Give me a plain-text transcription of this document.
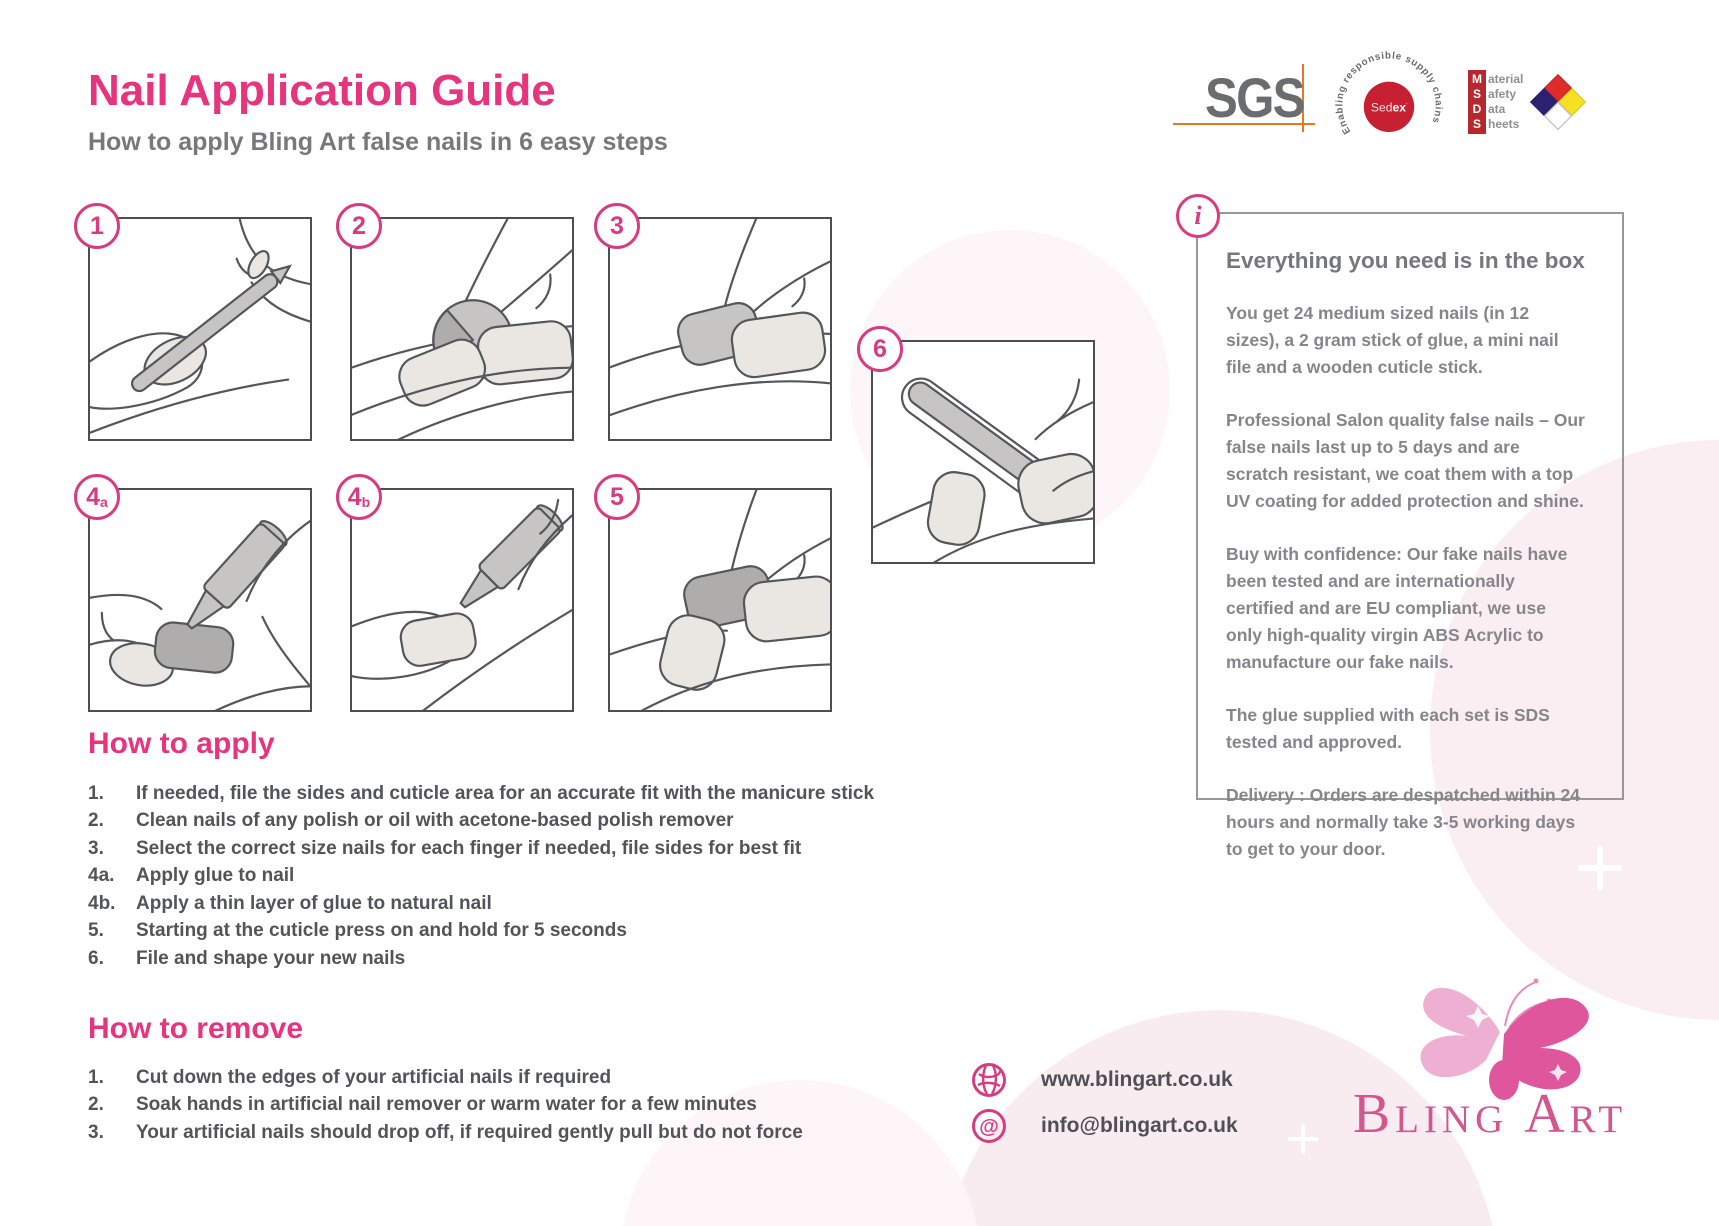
Nail Application Guide
How to apply Bling Art false nails in 6 easy steps
SGS
Enabling responsible supply chains
Sedex'
M
S
D
S
aterial
afety
ata
heets
1	2	3
6
4 a	4 b	5
i
Everything you need is in the box

You get 24 medium sized nails (in 12 sizes), a 2 gram stick of glue, a mini nail file and a wooden cuticle stick.

Professional Salon quality false nails – Our false nails last up to 5 days and are scratch resistant, we coat them with a top UV coating for added protection and shine.

Buy with confidence: Our fake nails have been tested and are internationally certified and are EU compliant, we use only high-quality virgin ABS Acrylic to manufacture our fake nails.

The glue supplied with each set is SDS tested and approved.

Delivery : Orders are despatched within 24 hours and normally take 3-5 working days to get to your door.

How to apply
1.	If needed, file the sides and cuticle area for an accurate fit with the manicure stick
2.	Clean nails of any polish or oil with acetone-based polish remover
3.	Select the correct size nails for each finger if needed, file sides for best fit
4a.	Apply glue to nail
4b.	Apply a thin layer of glue to natural nail
5.	Starting at the cuticle press on and hold for 5 seconds
6.	File and shape your new nails
How to remove
1.	Cut down the edges of your artificial nails if required
2.	Soak hands in artificial nail remover or warm water for a few minutes
3.	Your artificial nails should drop off, if required gently pull but do not force
www.blingart.co.uk
@ info@blingart.co.uk	Bling Art
